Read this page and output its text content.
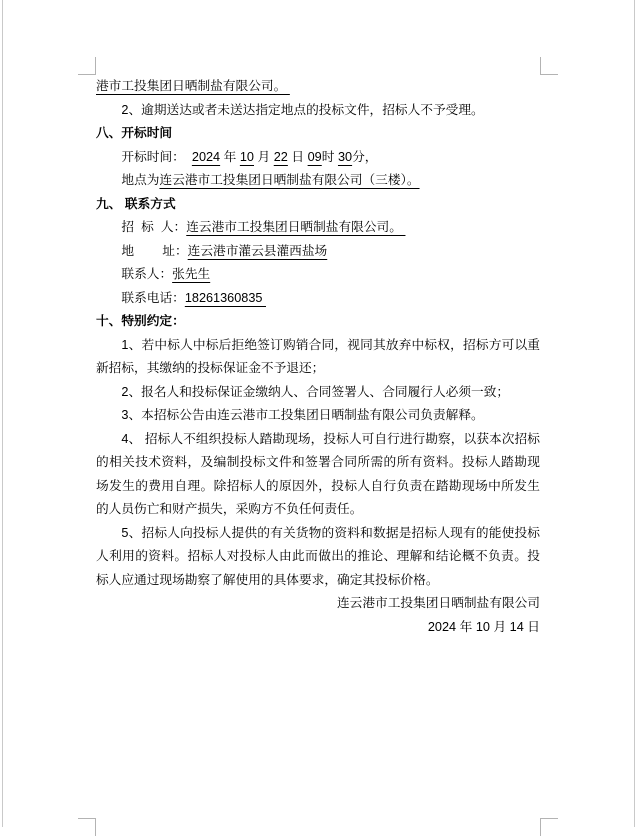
港市工投集团日晒制盐有限公司。

2、逾期送达或者未送达指定地点的投标文件，招标人不予受理。

八、开标时间

开标时间：  2024 年 10 月 22 日 09时 30分，

地点为连云港市工投集团日晒制盐有限公司（三楼）。

九、 联系方式

招  标  人：连云港市工投集团日晒制盐有限公司。

地        址：连云港市灌云县灌西盐场

联系人：张先生

联系电话：18261360835

十、特别约定：

1、若中标人中标后拒绝签订购销合同，视同其放弃中标权，招标方可以重新招标，其缴纳的投标保证金不予退还；

2、报名人和投标保证金缴纳人、合同签署人、合同履行人必须一致；

3、本招标公告由连云港市工投集团日晒制盐有限公司负责解释。

4、 招标人不组织投标人踏勘现场，投标人可自行进行勘察，以获本次招标的相关技术资料，及编制投标文件和签署合同所需的所有资料。投标人踏勘现场发生的费用自理。除招标人的原因外，投标人自行负责在踏勘现场中所发生的人员伤亡和财产损失，采购方不负任何责任。

5、招标人向投标人提供的有关货物的资料和数据是招标人现有的能使投标人利用的资料。招标人对投标人由此而做出的推论、理解和结论概不负责。投标人应通过现场勘察了解使用的具体要求，确定其投标价格。

连云港市工投集团日晒制盐有限公司

2024 年 10 月 14 日
